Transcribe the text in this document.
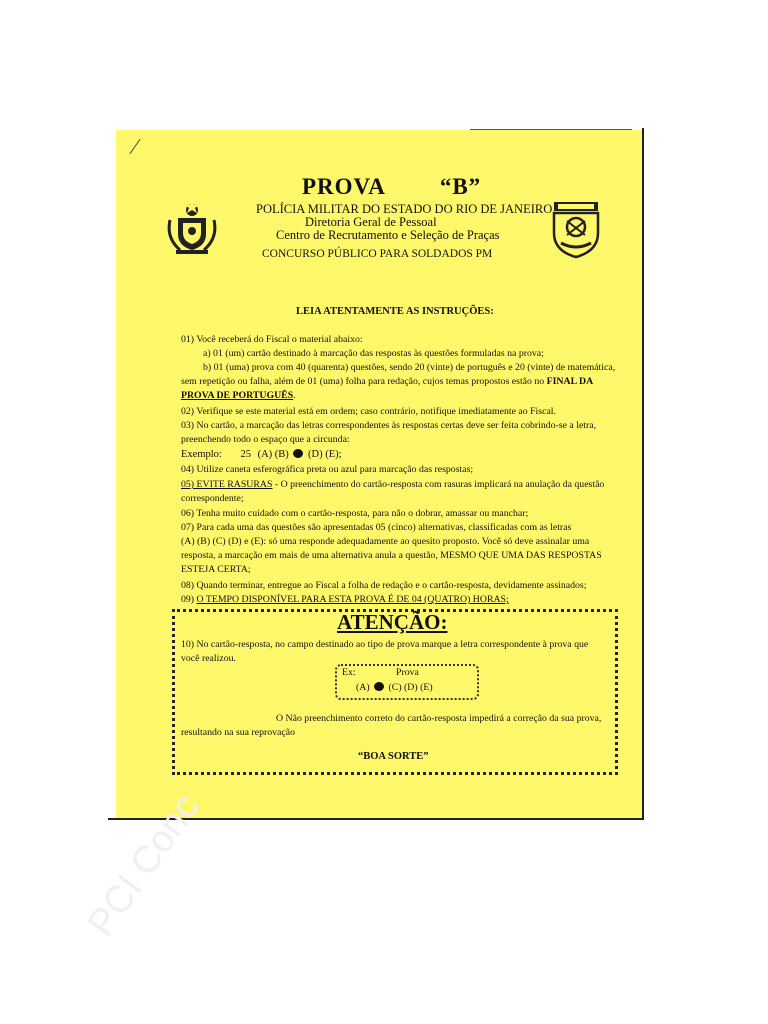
PROVA “B”
POLÍCIA MILITAR DO ESTADO DO RIO DE JANEIRO
Diretoria Geral de Pessoal
Centro de Recrutamento e Seleção de Praças
CONCURSO PÚBLICO PARA SOLDADOS PM
LEIA ATENTAMENTE AS INSTRUÇÕES:
01) Você receberá do Fiscal o material abaixo:
a) 01 (um) cartão destinado à marcação das respostas às questões formuladas na prova;
b) 01 (uma) prova com 40 (quarenta) questões, sendo 20 (vinte) de português e 20 (vinte) de matemática,
sem repetição ou falha, além de 01 (uma) folha para redação, cujos temas propostos estão no FINAL DA
PROVA DE PORTUGUÊS.
02) Verifique se este material está em ordem; caso contrário, notifique imediatamente ao Fiscal.
03) No cartão, a marcação das letras correspondentes às respostas certas deve ser feita cobrindo-se a letra,
preenchendo todo o espaço que a circunda:
Exemplo: 25 (A) (B) (D) (E);
04) Utilize caneta esferográfica preta ou azul para marcação das respostas;
05) EVITE RASURAS - O preenchimento do cartão-resposta com rasuras implicará na anulação da questão
correspondente;
06) Tenha muito cuidado com o cartão-resposta, para não o dobrar, amassar ou manchar;
07) Para cada uma das questões são apresentadas 05 (cinco) alternativas, classificadas com as letras
(A) (B) (C) (D) e (E): só uma responde adequadamente ao quesito proposto. Você só deve assinalar uma
resposta, a marcação em mais de uma alternativa anula a questão, MESMO QUE UMA DAS RESPOSTAS
ESTEJA CERTA;
08) Quando terminar, entregue ao Fiscal a folha de redação e o cartão-resposta, devidamente assinados;
09) O TEMPO DISPONÍVEL PARA ESTA PROVA É DE 04 (QUATRO) HORAS;
ATENÇÃO:
10) No cartão-resposta, no campo destinado ao tipo de prova marque a letra correspondente à prova que
você realizou.
Ex:	Prova
(A) (C) (D) (E)
O Não preenchimento correto do cartão-resposta impedirá a correção da sua prova,
resultando na sua reprovação
“BOA SORTE”
PCI Conc
